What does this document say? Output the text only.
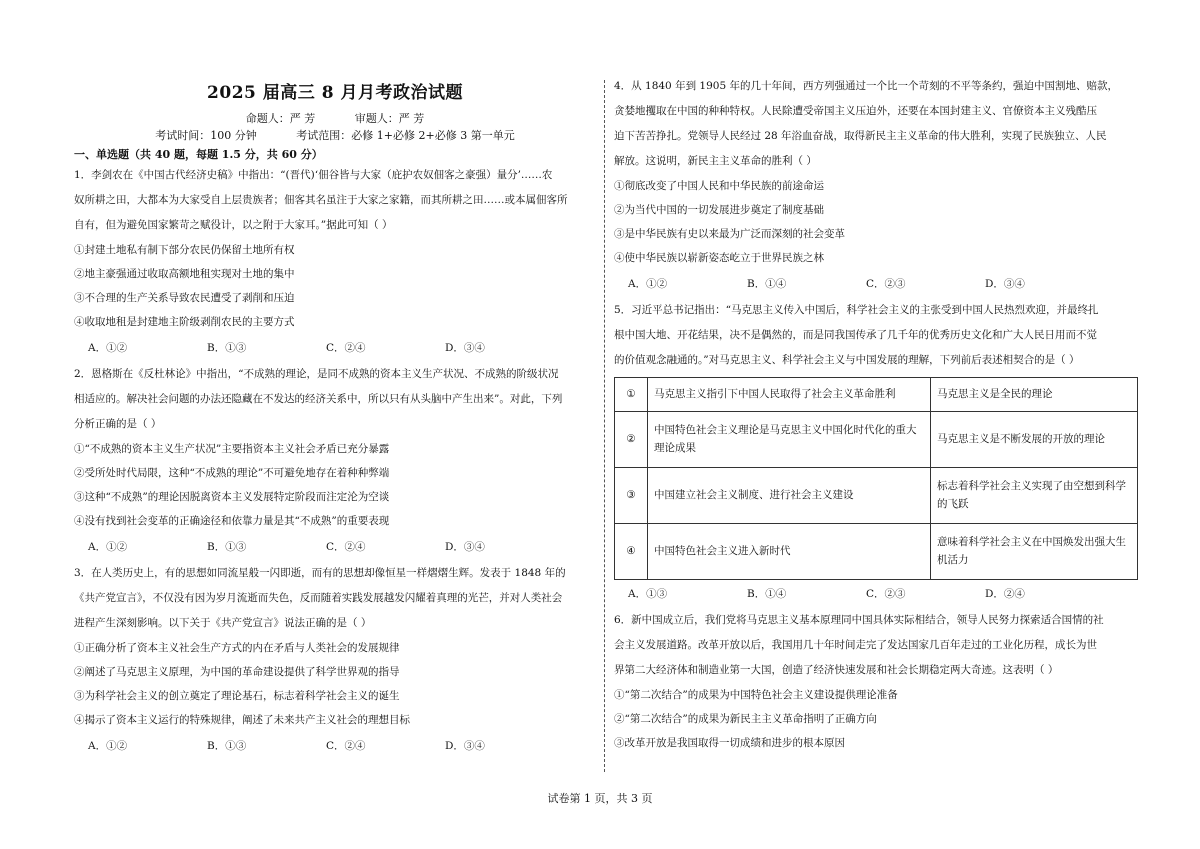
2025 届高三 8 月月考政治试题
命题人：严 芳	审题人：严 芳
考试时间：100 分钟	考试范围：必修 1+必修 2+必修 3 第一单元
一、单选题（共 40 题，每题 1.5 分，共 60 分）
1．李剑农在《中国古代经济史稿》中指出：“(晋代)‘佃谷皆与大家（庇护农奴佃客之豪强）量分’……农
奴所耕之田，大都本为大家受自上层贵族者；佃客其名虽注于大家之家籍，而其所耕之田……或本属佃客所
自有，但为避免国家繁苛之赋役计，以之附于大家耳。”据此可知（ ）
①封建土地私有制下部分农民仍保留土地所有权
②地主豪强通过收取高额地租实现对土地的集中
③不合理的生产关系导致农民遭受了剥削和压迫
④收取地租是封建地主阶级剥削农民的主要方式
A．①②	B．①③	C．②④	D．③④
2．恩格斯在《反杜林论》中指出，“不成熟的理论，是同不成熟的资本主义生产状况、不成熟的阶级状况
相适应的。解决社会问题的办法还隐藏在不发达的经济关系中，所以只有从头脑中产生出来”。对此，下列
分析正确的是（ ）
①“不成熟的资本主义生产状况”主要指资本主义社会矛盾已充分暴露
②受所处时代局限，这种“不成熟的理论”不可避免地存在着种种弊端
③这种“不成熟”的理论因脱离资本主义发展特定阶段而注定沦为空谈
④没有找到社会变革的正确途径和依靠力量是其“不成熟”的重要表现
A．①②	B．①③	C．②④	D．③④
3．在人类历史上，有的思想如同流星般一闪即逝，而有的思想却像恒星一样熠熠生辉。发表于 1848 年的
《共产党宣言》，不仅没有因为岁月流逝而失色，反而随着实践发展越发闪耀着真理的光芒，并对人类社会
进程产生深刻影响。以下关于《共产党宣言》说法正确的是（ ）
①正确分析了资本主义社会生产方式的内在矛盾与人类社会的发展规律
②阐述了马克思主义原理，为中国的革命建设提供了科学世界观的指导
③为科学社会主义的创立奠定了理论基石，标志着科学社会主义的诞生
④揭示了资本主义运行的特殊规律，阐述了未来共产主义社会的理想目标
A．①②	B．①③	C．②④	D．③④
4．从 1840 年到 1905 年的几十年间，西方列强通过一个比一个苛刻的不平等条约，强迫中国割地、赔款，
贪婪地攫取在中国的种种特权。人民除遭受帝国主义压迫外，还要在本国封建主义、官僚资本主义残酷压
迫下苦苦挣扎。党领导人民经过 28 年浴血奋战，取得新民主主义革命的伟大胜利，实现了民族独立、人民
解放。这说明，新民主主义革命的胜利（ ）
①彻底改变了中国人民和中华民族的前途命运
②为当代中国的一切发展进步奠定了制度基础
③是中华民族有史以来最为广泛而深刻的社会变革
④使中华民族以崭新姿态屹立于世界民族之林
A．①②	B．①④	C．②③	D．③④
5．习近平总书记指出：“马克思主义传入中国后，科学社会主义的主张受到中国人民热烈欢迎，并最终扎
根中国大地、开花结果，决不是偶然的，而是同我国传承了几千年的优秀历史文化和广大人民日用而不觉
的价值观念融通的。”对马克思主义、科学社会主义与中国发展的理解，下列前后表述相契合的是（ ）
①	马克思主义指引下中国人民取得了社会主义革命胜利	马克思主义是全民的理论
②	中国特色社会主义理论是马克思主义中国化时代化的重大理论成果	马克思主义是不断发展的开放的理论
③	中国建立社会主义制度、进行社会主义建设	标志着科学社会主义实现了由空想到科学的飞跃
④	中国特色社会主义进入新时代	意味着科学社会主义在中国焕发出强大生机活力
A．①③	B．①④	C．②③	D．②④
6．新中国成立后，我们党将马克思主义基本原理同中国具体实际相结合，领导人民努力探索适合国情的社
会主义发展道路。改革开放以后，我国用几十年时间走完了发达国家几百年走过的工业化历程，成长为世
界第二大经济体和制造业第一大国，创造了经济快速发展和社会长期稳定两大奇迹。这表明（ ）
①“第二次结合”的成果为中国特色社会主义建设提供理论准备
②“第二次结合”的成果为新民主主义革命指明了正确方向
③改革开放是我国取得一切成绩和进步的根本原因
试卷第 1 页，共 3 页
